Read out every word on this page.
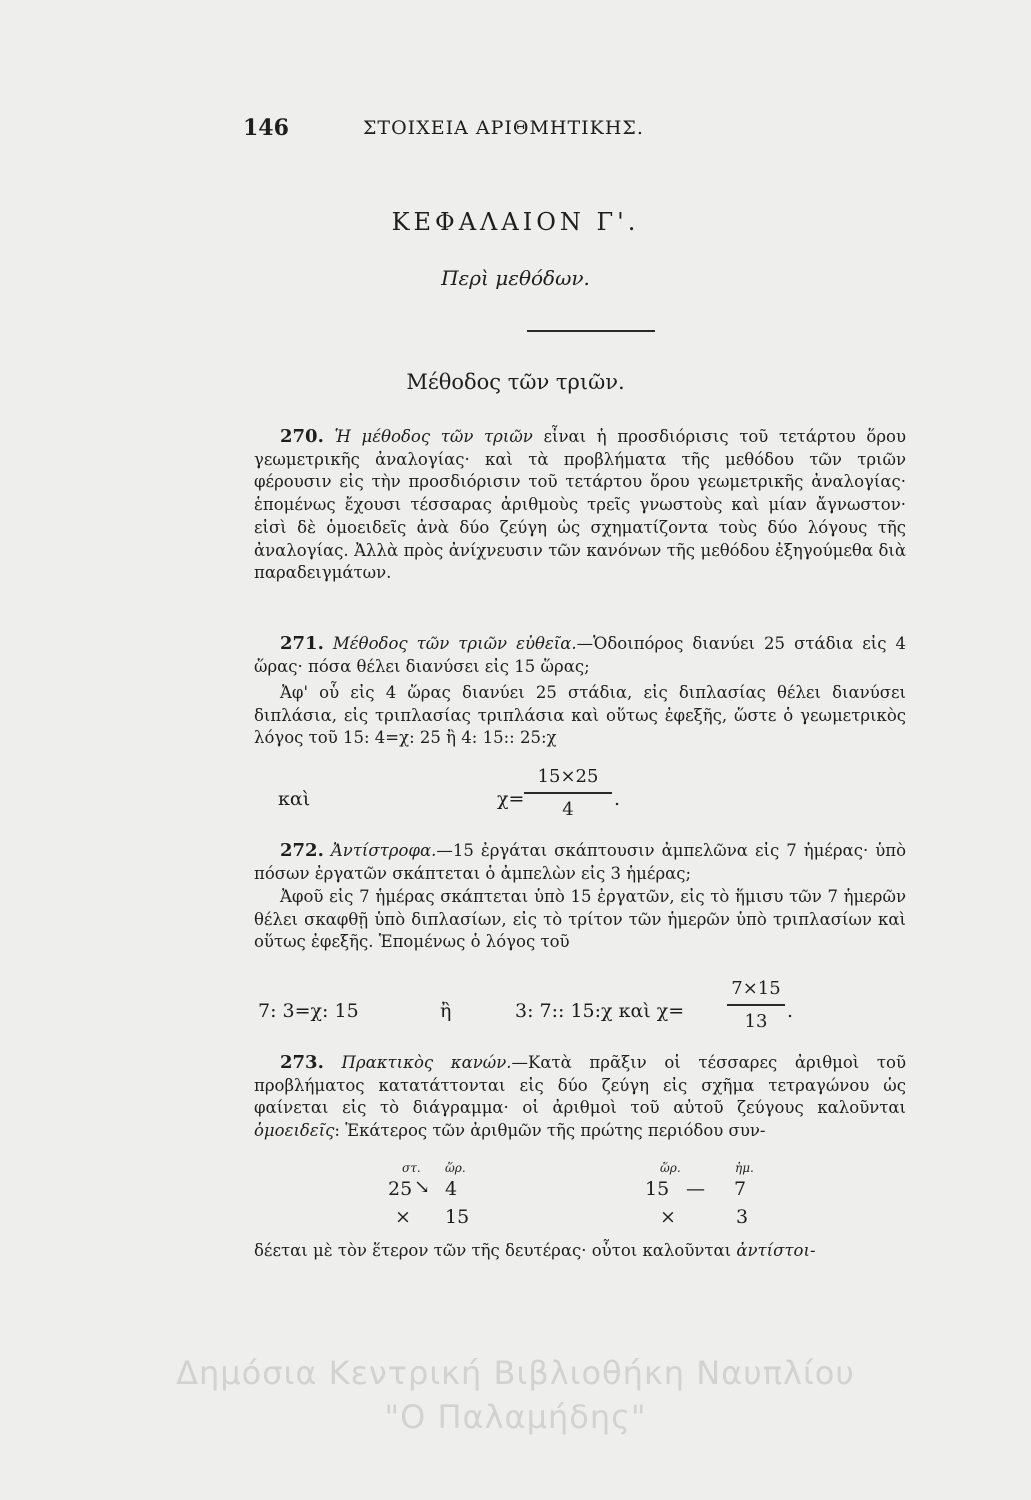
146	ΣΤΟΙΧΕΙΑ ΑΡΙΘΜΗΤΙΚΗΣ.
ΚΕΦΑΛΑΙΟΝ Γ'.
Περὶ μεθόδων.
Μέθοδος τῶν τριῶν.

270. Ἡ μέθοδος τῶν τριῶν εἶναι ἡ προσδιόρισις τοῦ τετάρτου ὅρου γεωμετρικῆς ἀναλογίας· καὶ τὰ προβλήματα τῆς μεθόδου τῶν τριῶν φέρουσιν εἰς τὴν προσδιόρισιν τοῦ τετάρτου ὅρου γεωμετρικῆς ἀναλογίας· ἑπομένως ἔχουσι τέσσαρας ἀριθμοὺς τρεῖς γνωστοὺς καὶ μίαν ἄγνωστον· εἰσὶ δὲ ὁμοειδεῖς ἀνὰ δύο ζεύγη ὡς σχηματίζοντα τοὺς δύο λόγους τῆς ἀναλογίας. Ἀλλὰ πρὸς ἀνίχνευσιν τῶν κανόνων τῆς μεθόδου ἐξηγούμεθα διὰ παραδειγμάτων.

271. Μέθοδος τῶν τριῶν εὐθεῖα.—Ὁδοιπόρος διανύει 25 στάδια εἰς 4 ὥρας· πόσα θέλει διανύσει εἰς 15 ὥρας;

Ἀφ' οὗ εἰς 4 ὥρας διανύει 25 στάδια, εἰς διπλασίας θέλει διανύσει διπλάσια, εἰς τριπλασίας τριπλάσια καὶ οὕτως ἐφεξῆς, ὥστε ὁ γεωμετρικὸς λόγος τοῦ 15: 4=χ: 25 ἢ 4: 15:: 25:χ

καὶ	χ=
15×25
4	.

272. Ἀντίστροφα.—15 ἐργάται σκάπτουσιν ἀμπελῶνα εἰς 7 ἡμέρας· ὑπὸ πόσων ἐργατῶν σκάπτεται ὁ ἀμπελὼν εἰς 3 ἡμέρας;

Ἀφοῦ εἰς 7 ἡμέρας σκάπτεται ὑπὸ 15 ἐργατῶν, εἰς τὸ ἥμισυ τῶν 7 ἡμερῶν θέλει σκαφθῇ ὑπὸ διπλασίων, εἰς τὸ τρίτον τῶν ἡμερῶν ὑπὸ τριπλασίων καὶ οὕτως ἐφεξῆς. Ἑπομένως ὁ λόγος τοῦ

7: 3=χ: 15	ἢ	3: 7:: 15:χ καὶ χ=
7×15
13	.

273. Πρακτικὸς κανών.—Κατὰ πρᾶξιν οἱ τέσσαρες ἀριθμοὶ τοῦ προβλήματος κατατάττονται εἰς δύο ζεύγη εἰς σχῆμα τετραγώνου ὡς φαίνεται εἰς τὸ διάγραμμα· οἱ ἀριθμοὶ τοῦ αὐτοῦ ζεύγους καλοῦνται ὁμοειδεῖς: Ἑκάτερος τῶν ἀριθμῶν τῆς πρώτης περιόδου συν-

στ. ὥρ.
25 ↘ 4
× 15
ὥρ.	ἡμ.
15 — 7
×	3

δέεται μὲ τὸν ἕτερον τῶν τῆς δευτέρας· οὗτοι καλοῦνται ἀντίστοι-

Δημόσια Κεντρική Βιβλιοθήκη Ναυπλίου
"Ο Παλαμήδης"
